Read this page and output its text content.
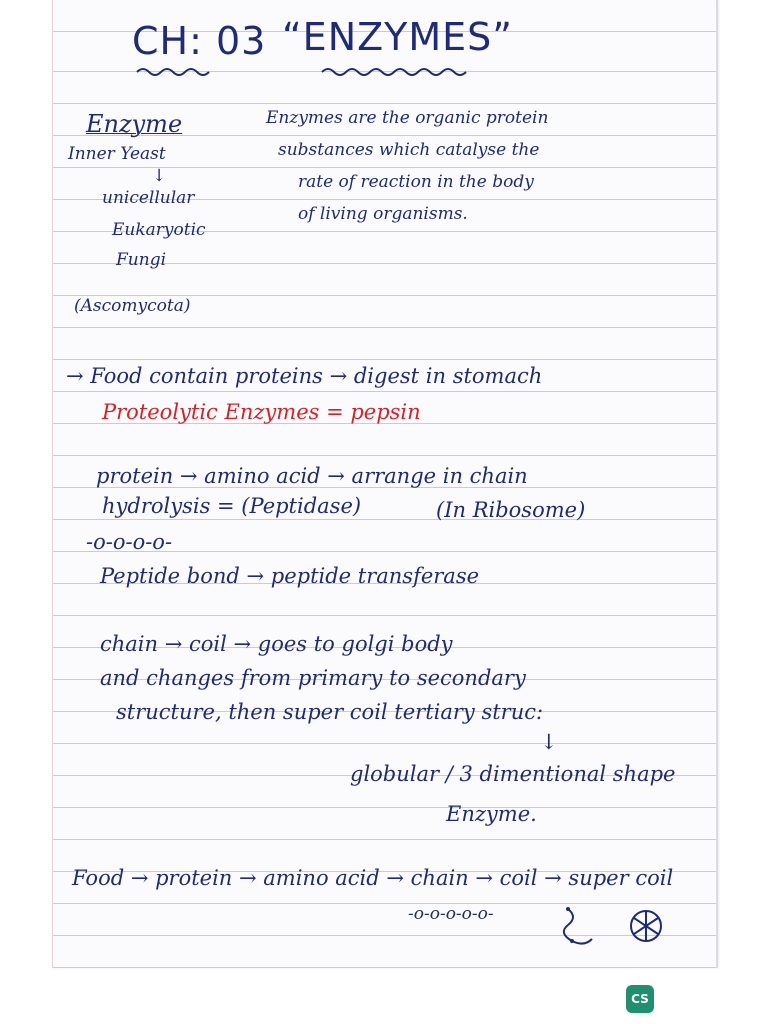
CH: 03 “ENZYMES”
Enzyme	Enzymes are the organic protein
substances which catalyse the
rate of reaction in the body
of living organisms.
Inner Yeast
↓
unicellular
Eukaryotic
Fungi
(Ascomycota)
→ Food contain proteins → digest in stomach
Proteolytic Enzymes = pepsin
protein → amino acid → arrange in chain
hydrolysis = (Peptidase)	(In Ribosome)
-o-o-o-o-
Peptide bond → peptide transferase
chain → coil → goes to golgi body
and changes from primary to secondary
structure, then super coil tertiary struc:
↓
globular / 3 dimentional shape
Enzyme.
Food → protein → amino acid → chain → coil → super coil
-o-o-o-o-o-
CS
